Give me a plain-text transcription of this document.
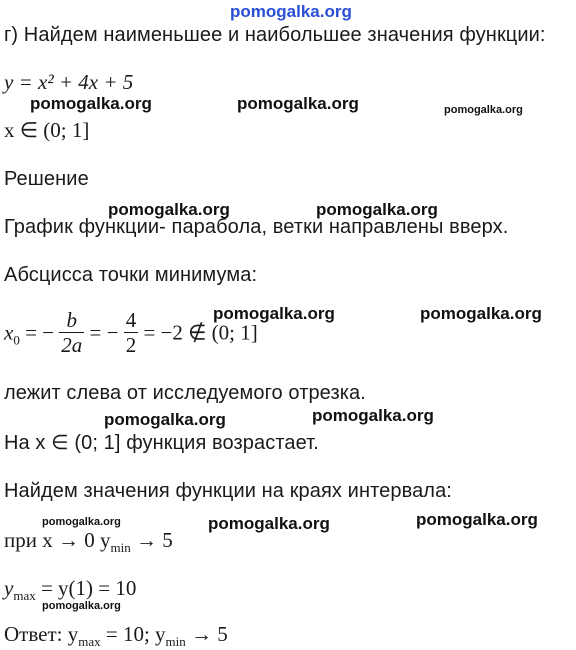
pomogalka.org
г) Найдем наименьшее и наибольшее значения функции:
y = x² + 4x + 5
pomogalka.org	pomogalka.org	pomogalka.org
x ∈ (0; 1]
Решение
pomogalka.org	pomogalka.org
График функции- парабола, ветки направлены вверх.
Абсцисса точки минимума:
pomogalka.org	pomogalka.org
$x_0$ = − $\frac{b}{2a}$ = − $\frac{4}{2} = -2$ ∉ (0; 1]
лежит слева от исследуемого отрезка.
pomogalka.org	pomogalka.org
На x ∈ (0; 1] функция возрастает.
Найдем значения функции на краях интервала:
pomogalka.org	pomogalka.org	pomogalka.org
при x → 0 $y_{min} \to 5$
$y_{max} = y(1) = 10$
pomogalka.org
Ответ: $y_{max} = 10$; $y_{min} \to 5$
